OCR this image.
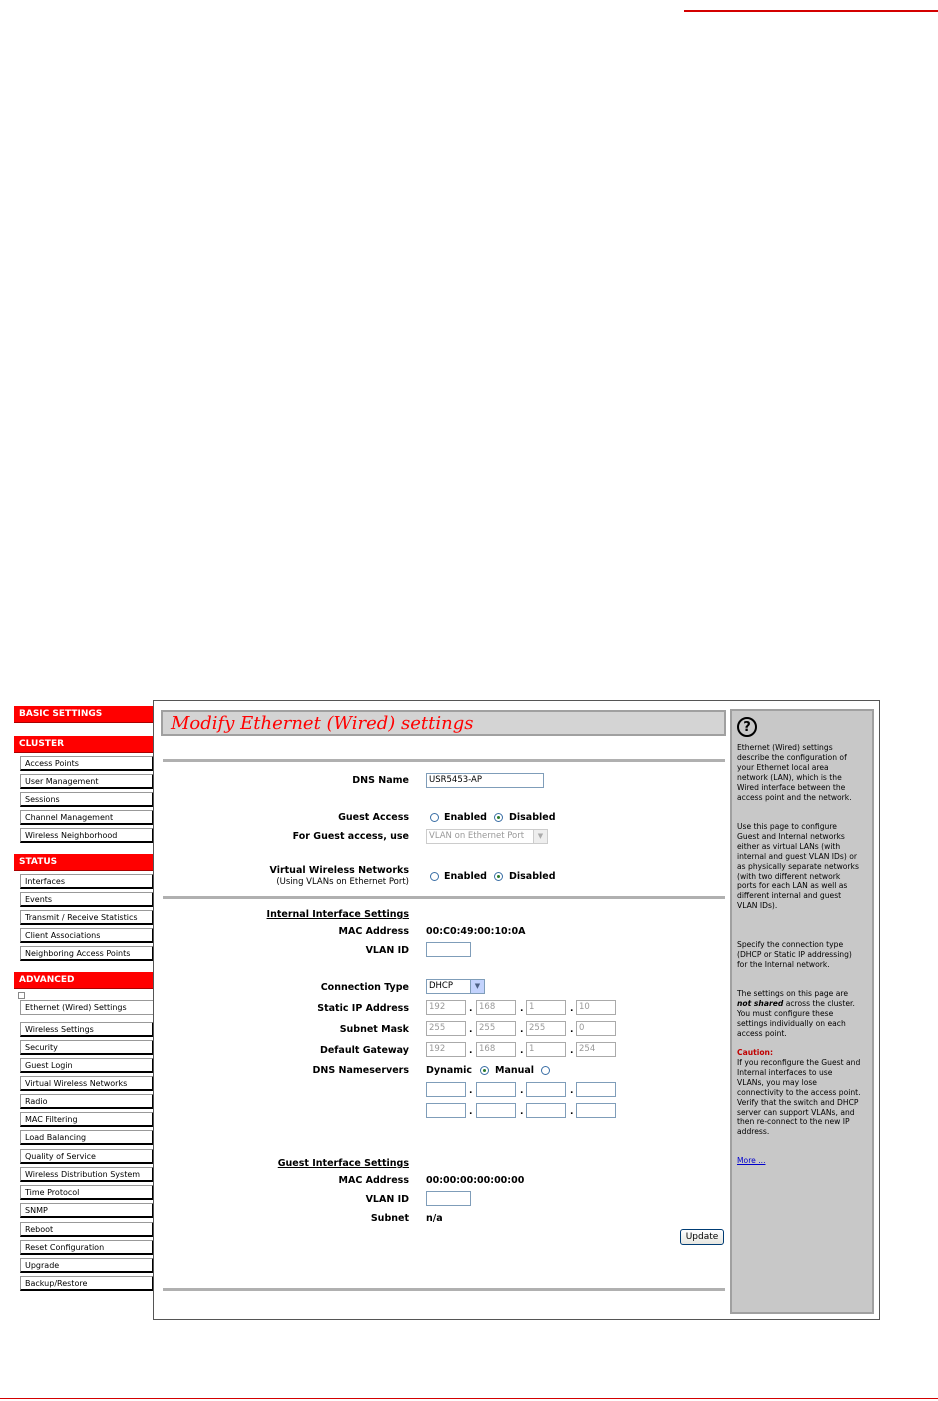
BASIC SETTINGS
CLUSTER
Access Points
User Management
Sessions
Channel Management
Wireless Neighborhood
STATUS
Interfaces
Events
Transmit / Receive Statistics
Client Associations
Neighboring Access Points
ADVANCED
Ethernet (Wired) Settings
Wireless Settings
Security
Guest Login
Virtual Wireless Networks
Radio
MAC Filtering
Load Balancing
Quality of Service
Wireless Distribution System
Time Protocol
SNMP
Reboot
Reset Configuration
Upgrade
Backup/Restore
Modify Ethernet (Wired) settings
DNS Name	USR5453-AP
Guest Access	Enabled Disabled
For Guest access, use	VLAN on Ethernet Port	▼
Virtual Wireless Networks
(Using VLANs on Ethernet Port)	Enabled Disabled
Internal Interface Settings
MAC Address 00:C0:49:00:10:0A
VLAN ID
Connection Type	DHCP	▼
Static IP Address	192	. 168	. 1	. 10
Subnet Mask	255	. 255	. 255	. 0
Default Gateway	192	. 168	. 1	. 254
DNS Nameservers Dynamic Manual
.	.	.
.	.	.
Guest Interface Settings
MAC Address 00:00:00:00:00:00
VLAN ID
Subnet n/a
Update
?

Ethernet (Wired) settings describe the configuration of your Ethernet local area network (LAN), which is the Wired interface between the access point and the network.

Use this page to configure Guest and Internal networks either as virtual LANs (with internal and guest VLAN IDs) or as physically separate networks (with two different network ports for each LAN as well as different internal and guest VLAN IDs).

Specify the connection type (DHCP or Static IP addressing) for the Internal network.

The settings on this page are not shared across the cluster. You must configure these settings individually on each access point.

Caution:

If you reconfigure the Guest and Internal interfaces to use VLANs, you may lose connectivity to the access point. Verify that the switch and DHCP server can support VLANs, and then re-connect to the new IP address.

More ...
